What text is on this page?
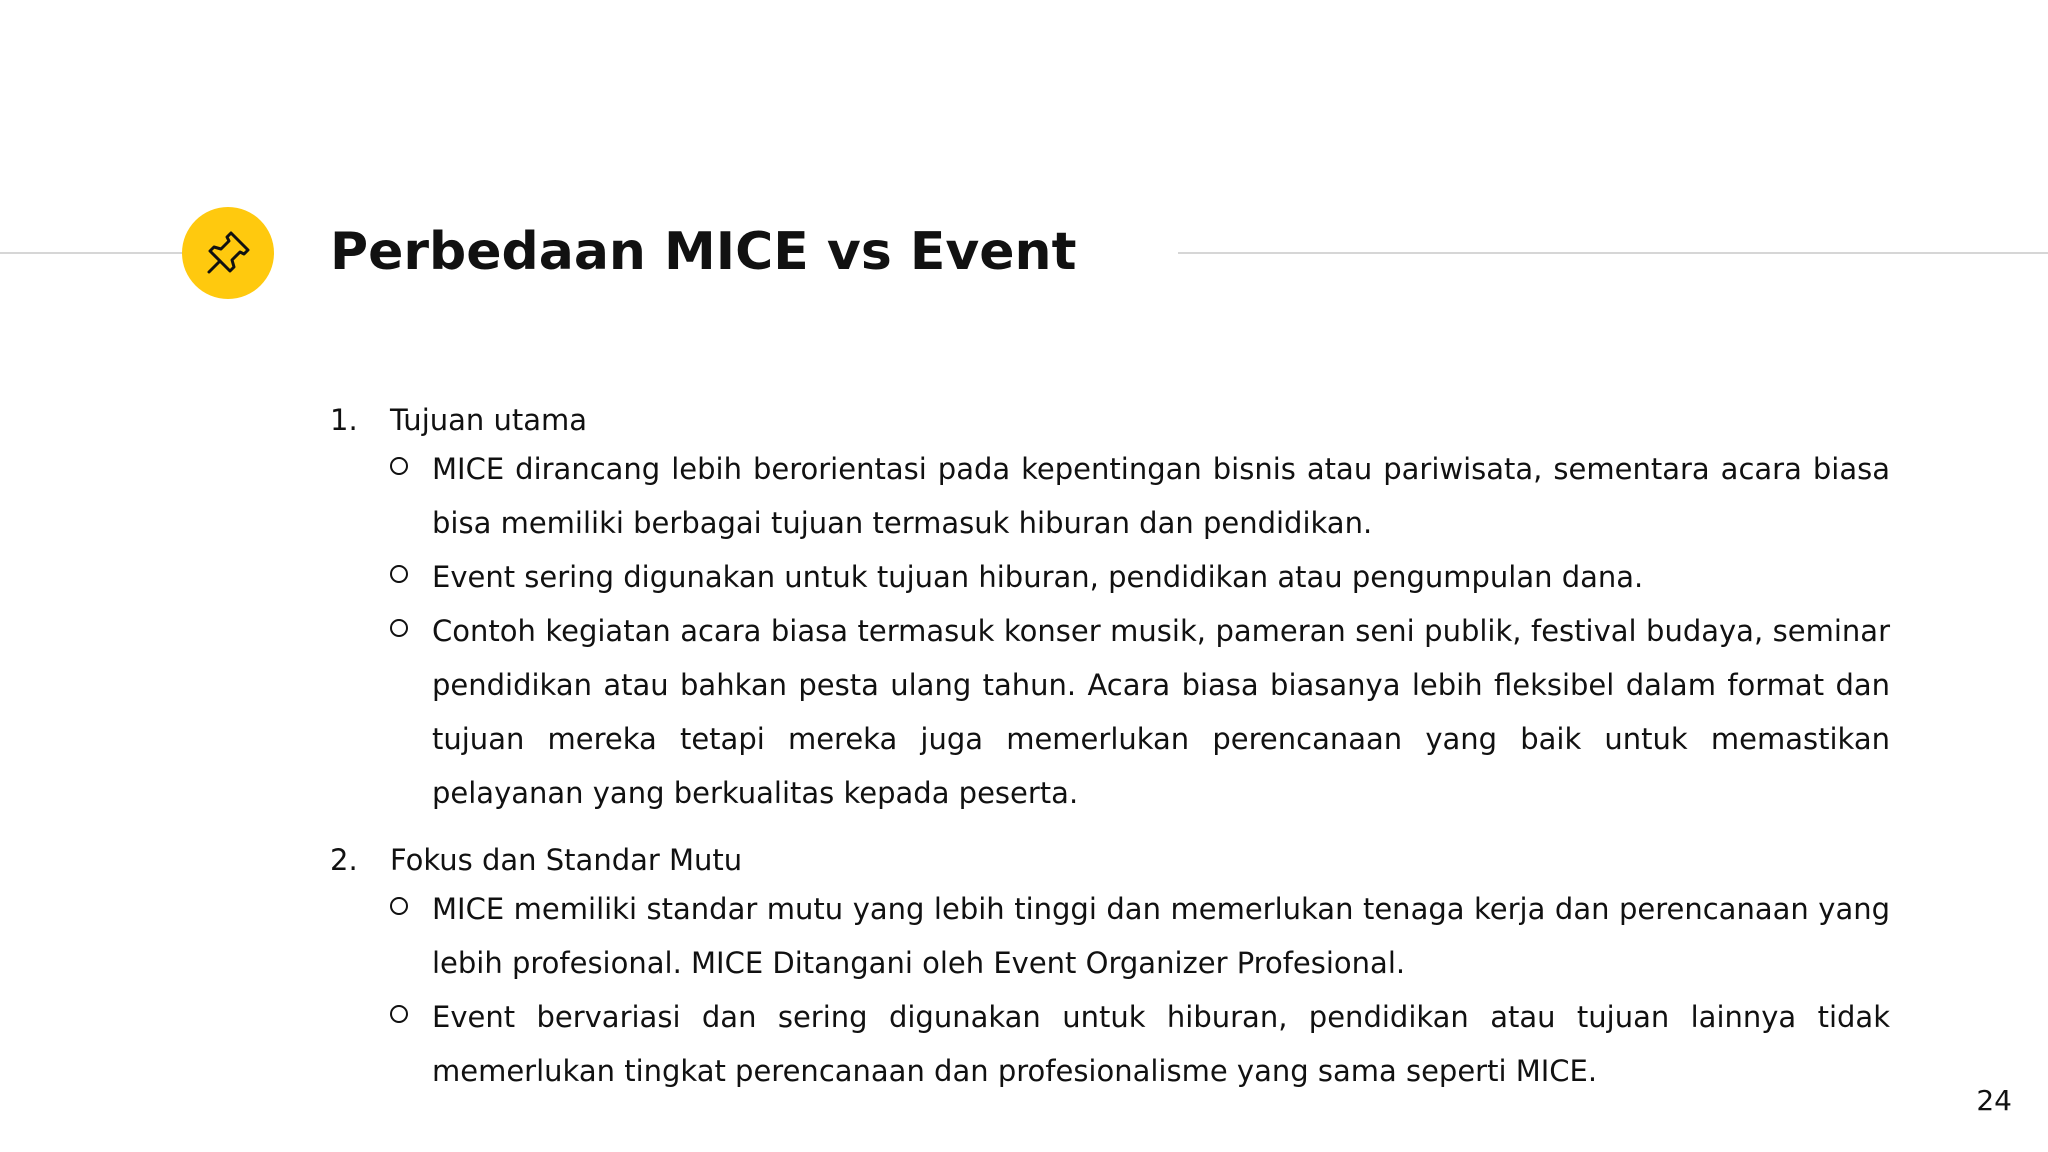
Perbedaan MICE vs Event
1. Tujuan utama
MICE dirancang lebih berorientasi pada kepentingan bisnis atau pariwisata, sementara acara biasa bisa memiliki berbagai tujuan termasuk hiburan dan pendidikan.
Event sering digunakan untuk tujuan hiburan, pendidikan atau pengumpulan dana.
Contoh kegiatan acara biasa termasuk konser musik, pameran seni publik, festival budaya, seminar pendidikan atau bahkan pesta ulang tahun. Acara biasa biasanya lebih fleksibel dalam format dan tujuan mereka tetapi mereka juga memerlukan perencanaan yang baik untuk memastikan pelayanan yang berkualitas kepada peserta.
2. Fokus dan Standar Mutu
MICE memiliki standar mutu yang lebih tinggi dan memerlukan tenaga kerja dan perencanaan yang lebih profesional. MICE Ditangani oleh Event Organizer Profesional.
Event bervariasi dan sering digunakan untuk hiburan, pendidikan atau tujuan lainnya tidak memerlukan tingkat perencanaan dan profesionalisme yang sama seperti MICE.
24
